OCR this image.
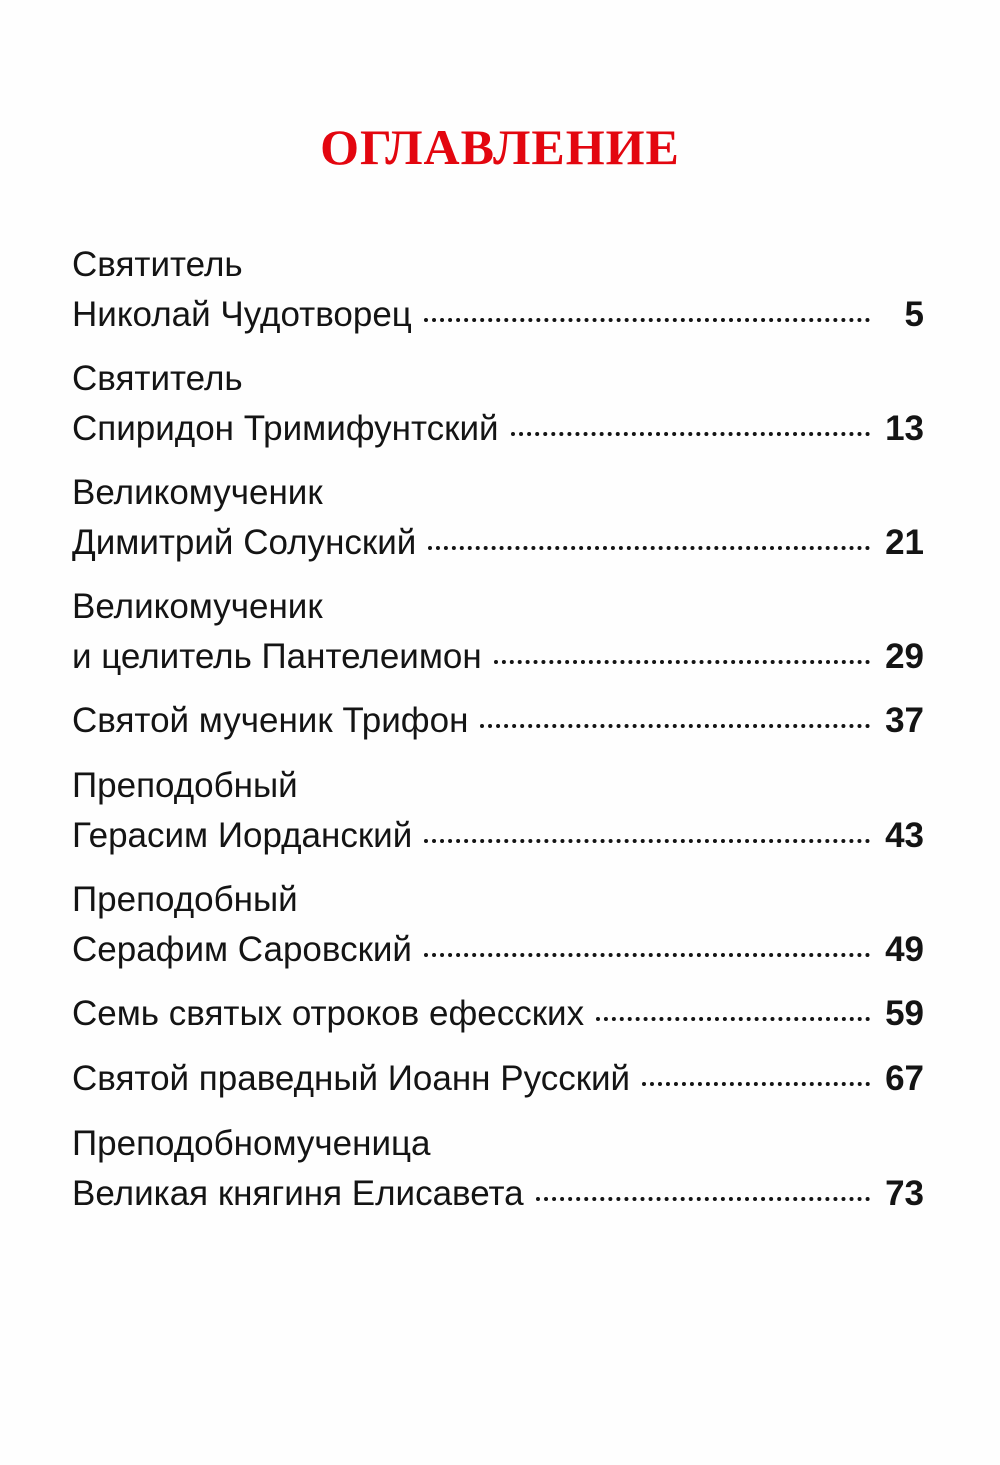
ОГЛАВЛЕНИЕ
Святитель
Николай Чудотворец	5
Святитель
Спиридон Тримифунтский	13
Великомученик
Димитрий Солунский	21
Великомученик
и целитель Пантелеимон	29
Святой мученик Трифон	37
Преподобный
Герасим Иорданский	43
Преподобный
Серафим Саровский	49
Семь святых отроков ефесских	59
Святой праведный Иоанн Русский	67
Преподобномученица
Великая княгиня Елисавета	73
